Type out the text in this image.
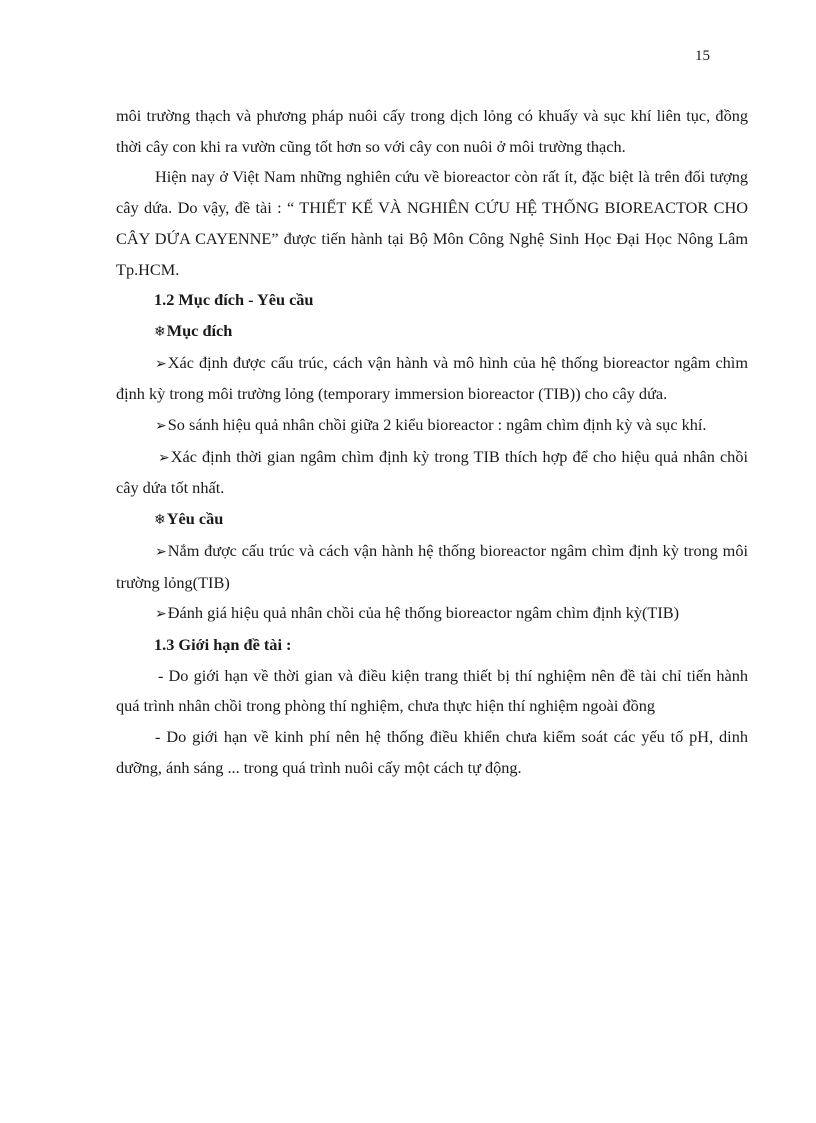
15

môi trường thạch và phương pháp nuôi cấy trong dịch lỏng có khuấy và sục khí liên tục, đồng thời cây con khi ra vườn cũng tốt hơn so với cây con nuôi ở môi trường thạch.

Hiện nay ở Việt Nam những nghiên cứu về bioreactor còn rất ít, đặc biệt là trên đối tượng cây dứa. Do vậy, đề tài : “ THIẾT KẾ VÀ NGHIÊN CỨU HỆ THỐNG BIOREACTOR CHO CÂY DỨA CAYENNE” được tiến hành tại Bộ Môn Công Nghệ Sinh Học Đại Học Nông Lâm Tp.HCM.

1.2 Mục đích - Yêu cầu

❄Mục đích

➢Xác định được cấu trúc, cách vận hành và mô hình của hệ thống bioreactor ngâm chìm định kỳ trong môi trường lỏng (temporary immersion bioreactor (TIB)) cho cây dứa.

➢So sánh hiệu quả nhân chồi giữa 2 kiểu bioreactor : ngâm chìm định kỳ và sục khí.

➢Xác định thời gian ngâm chìm định kỳ trong TIB thích hợp để cho hiệu quả nhân chồi cây dứa tốt nhất.

❄Yêu cầu

➢Nắm được cấu trúc và cách vận hành hệ thống bioreactor ngâm chìm định kỳ trong môi trường lỏng(TIB)

➢Đánh giá hiệu quả nhân chồi của hệ thống bioreactor ngâm chìm định kỳ(TIB)

1.3 Giới hạn đề tài :

- Do giới hạn về thời gian và điều kiện trang thiết bị thí nghiệm nên đề tài chỉ tiến hành quá trình nhân chồi trong phòng thí nghiệm, chưa thực hiện thí nghiệm ngoài đồng

- Do giới hạn về kinh phí nên hệ thống điều khiển chưa kiểm soát các yếu tố pH, dinh dưỡng, ánh sáng ... trong quá trình nuôi cấy một cách tự động.
